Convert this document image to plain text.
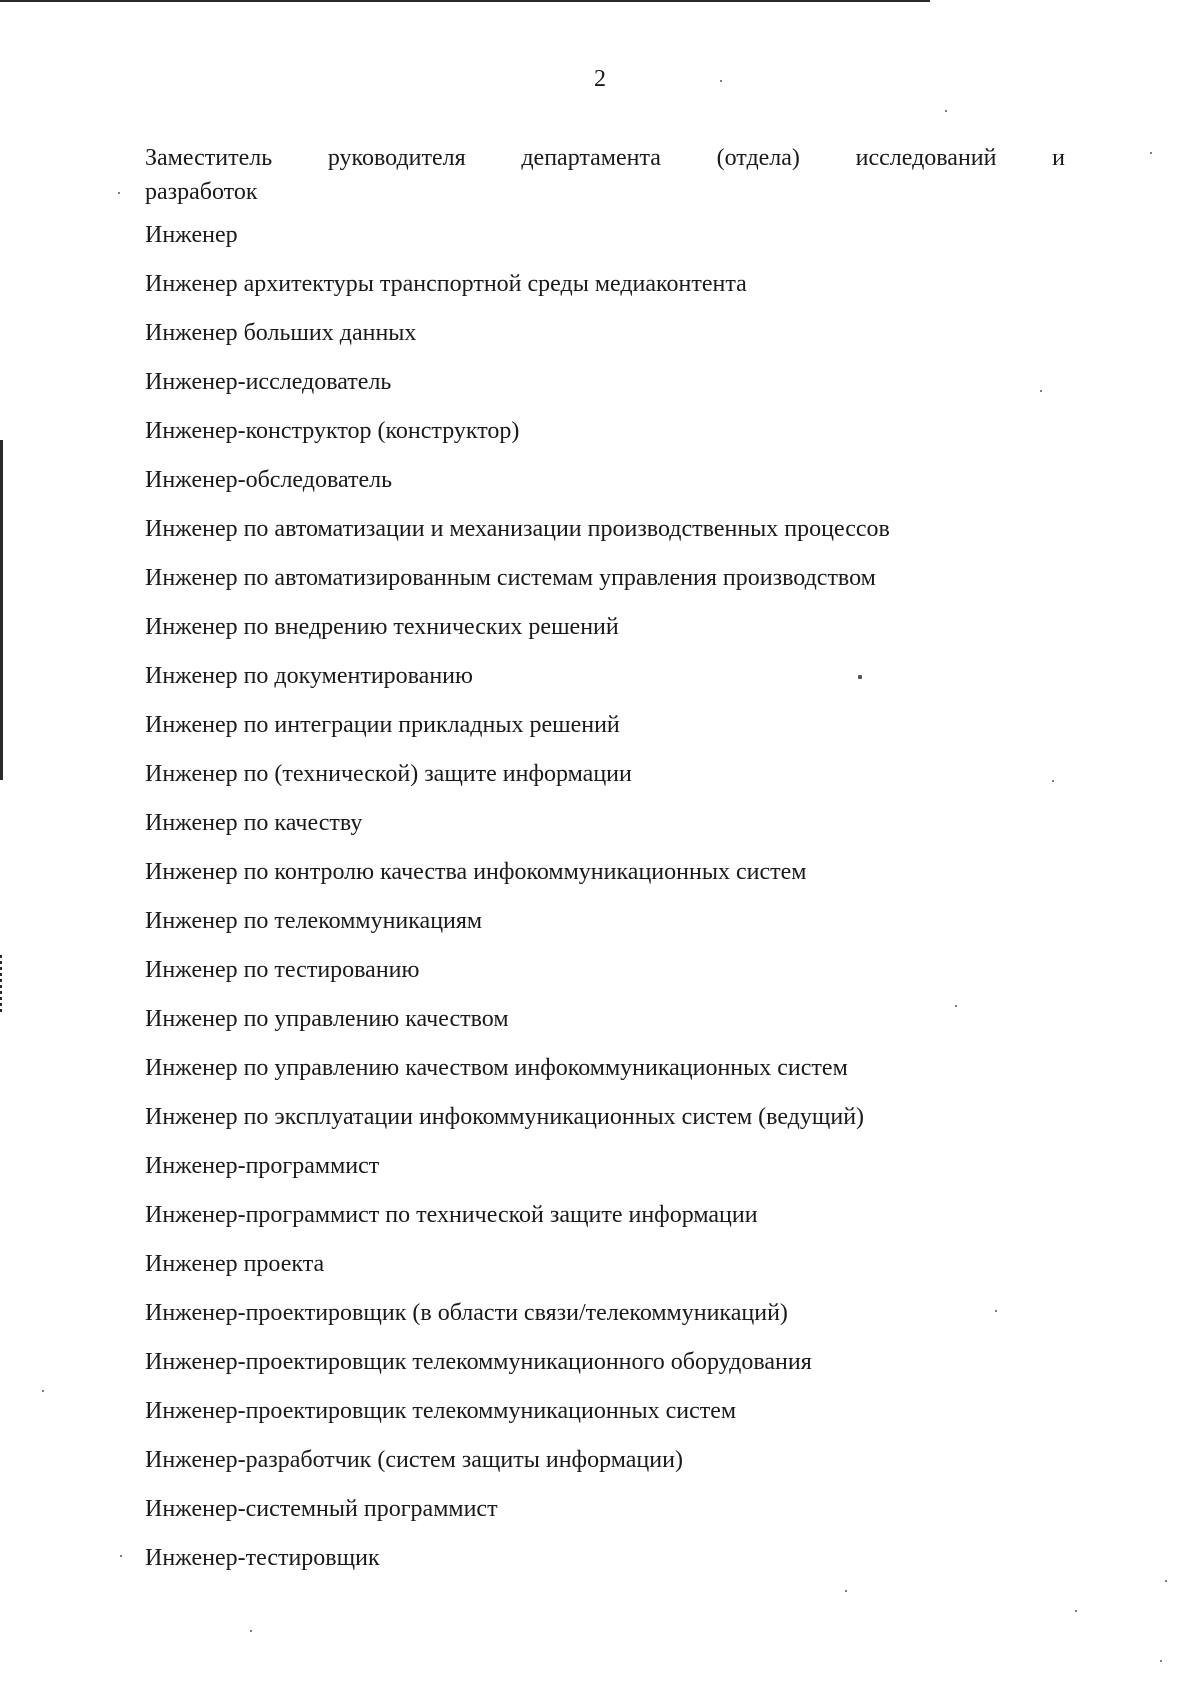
2
Заместитель руководителя департамента (отдела) исследований и
разработок
Инженер
Инженер архитектуры транспортной среды медиаконтента
Инженер больших данных
Инженер-исследователь
Инженер-конструктор (конструктор)
Инженер-обследователь
Инженер по автоматизации и механизации производственных процессов
Инженер по автоматизированным системам управления производством
Инженер по внедрению технических решений
Инженер по документированию
Инженер по интеграции прикладных решений
Инженер по (технической) защите информации
Инженер по качеству
Инженер по контролю качества инфокоммуникационных систем
Инженер по телекоммуникациям
Инженер по тестированию
Инженер по управлению качеством
Инженер по управлению качеством инфокоммуникационных систем
Инженер по эксплуатации инфокоммуникационных систем (ведущий)
Инженер-программист
Инженер-программист по технической защите информации
Инженер проекта
Инженер-проектировщик (в области связи/телекоммуникаций)
Инженер-проектировщик телекоммуникационного оборудования
Инженер-проектировщик телекоммуникационных систем
Инженер-разработчик (систем защиты информации)
Инженер-системный программист
Инженер-тестировщик
